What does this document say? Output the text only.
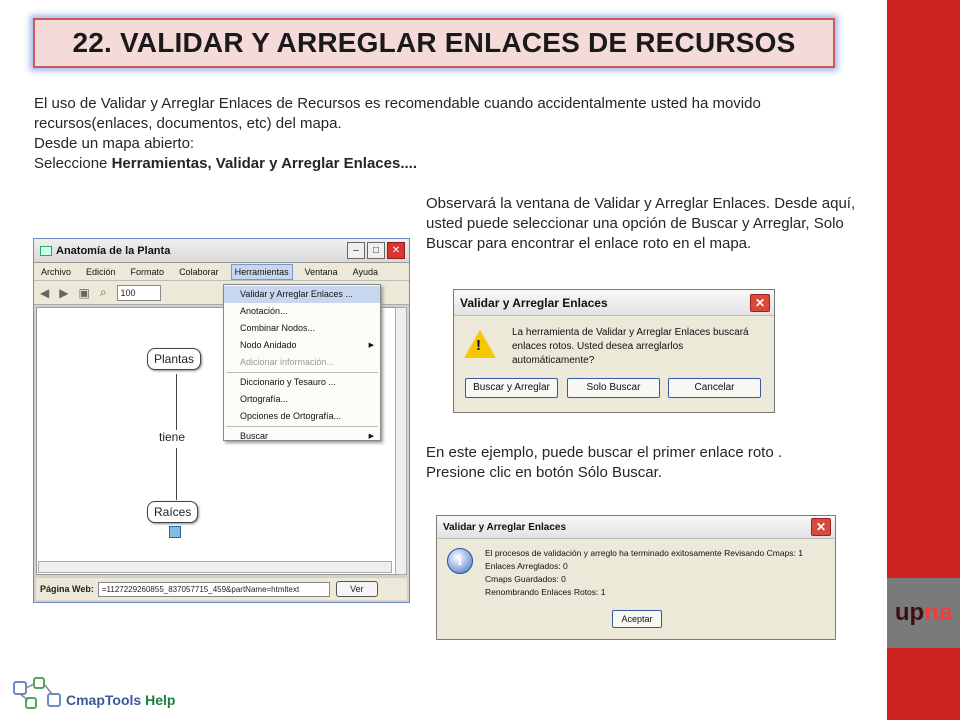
22. VALIDAR Y ARREGLAR ENLACES DE RECURSOS
up na
El uso de Validar y Arreglar Enlaces de Recursos es recomendable cuando accidentalmente usted ha movido
recursos(enlaces, documentos, etc) del mapa.
Desde un mapa abierto:
Seleccione Herramientas, Validar y Arreglar Enlaces....
Observará la ventana de Validar y Arreglar Enlaces. Desde aquí, usted puede seleccionar una opción de Buscar y Arreglar, Solo Buscar para encontrar el enlace roto en el mapa.
En este ejemplo, puede buscar el primer enlace roto .
Presione clic en botón Sólo Buscar.
Anatomía de la Planta	–	□	✕
Archivo	Edición	Formato	Colaborar	Herramientas	Ventana	Ayuda
◀ ▶ ▣ ⌕	100
Plantas
tiene
Raíces
Página Web:	=1127229260855_837057715_459&partName=htmltext	Ver
Validar y Arreglar Enlaces ...
Anotación...
Combinar Nodos...
Nodo Anidado	▶
Adicionar información...
Diccionario y Tesauro ...
Ortografía...
Opciones de Ortografía...
Buscar	▶
Validar y Arreglar Enlaces	✕
!
La herramienta de Validar y Arreglar Enlaces buscará enlaces rotos. Usted desea arreglarlos automáticamente?
Buscar y Arreglar	Solo Buscar	Cancelar
Validar y Arreglar Enlaces	✕
i	El procesos de validación y arreglo ha terminado exitosamente Revisando Cmaps: 1
Enlaces Arreglados: 0
Cmaps Guardados: 0
Renombrando Enlaces Rotos: 1
Aceptar
CmapTools Help
